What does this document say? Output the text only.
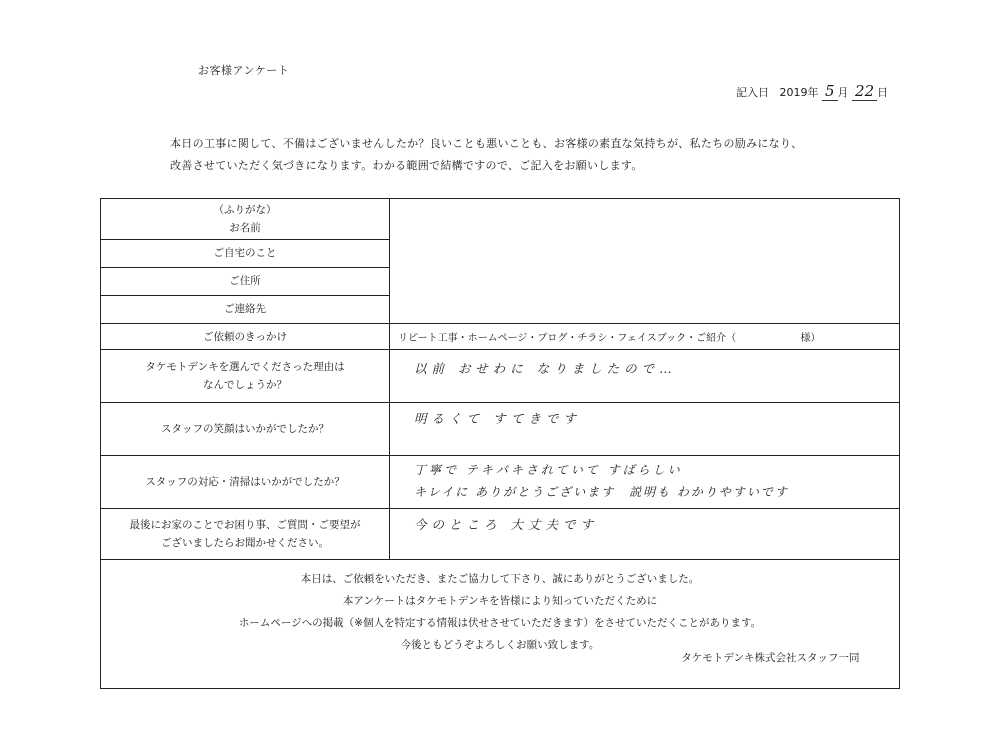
お客様アンケート
記入日 2019年 5 月 22 日
本日の工事に関して、不備はございませんしたか？良いことも悪いことも、お客様の素直な気持ちが、私たちの励みになり、
改善させていただく気づきになります。わかる範囲で結構ですので、ご記入をお願いします。
（ふりがな）
お名前
ご自宅のこと
ご住所
ご連絡先	

ご依頼のきっかけ	リピート工事・ホームページ・ブログ・チラシ・フェイスブック・ご紹介（ 様）

タケモトデンキを選んでくださった理由は
なんでしょうか？	以前 おせわに なりましたので…

スタッフの笑顔はいかがでしたか？	明るくて すてきです

スタッフの対応・清掃はいかがでしたか？	丁寧で テキパキされていて すばらしい
キレイに ありがとうございます　説明も わかりやすいです

最後にお家のことでお困り事、ご質問・ご要望が
ございましたらお聞かせください。	今のところ 大丈夫です

本日は、ご依頼をいただき、またご協力して下さり、誠にありがとうございました。
本アンケートはタケモトデンキを皆様により知っていただくために
ホームページへの掲載（※個人を特定する情報は伏せさせていただきます）をさせていただくことがあります。
今後ともどうぞよろしくお願い致します。
タケモトデンキ株式会社スタッフ一同	
